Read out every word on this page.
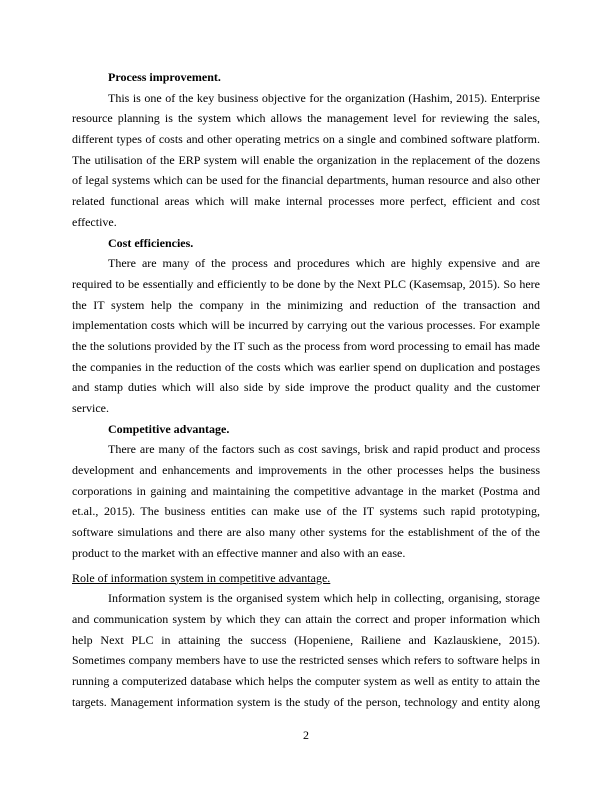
Process improvement.
This is one of the key business objective for the organization (Hashim, 2015). Enterprise
resource planning is the system which allows the management level for reviewing the sales,
different types of costs and other operating metrics on a single and combined software platform.
The utilisation of the ERP system will enable the organization in the replacement of the dozens
of legal systems which can be used for the financial departments, human resource and also other
related functional areas which will make internal processes more perfect, efficient and cost
effective.
Cost efficiencies.
There are many of the process and procedures which are highly expensive and are
required to be essentially and efficiently to be done by the Next PLC (Kasemsap, 2015). So here
the IT system help the company in the minimizing and reduction of the transaction and
implementation costs which will be incurred by carrying out the various processes. For example
the the solutions provided by the IT such as the process from word processing to email has made
the companies in the reduction of the costs which was earlier spend on duplication and postages
and stamp duties which will also side by side improve the product quality and the customer
service.
Competitive advantage.
There are many of the factors such as cost savings, brisk and rapid product and process
development and enhancements and improvements in the other processes helps the business
corporations in gaining and maintaining the competitive advantage in the market (Postma and
et.al., 2015). The business entities can make use of the IT systems such rapid prototyping,
software simulations and there are also many other systems for the establishment of the of the
product to the market with an effective manner and also with an ease.
Role of information system in competitive advantage.
Information system is the organised system which help in collecting, organising, storage
and communication system by which they can attain the correct and proper information which
help Next PLC in attaining the success (Hopeniene, Railiene and Kazlauskiene, 2015).
Sometimes company members have to use the restricted senses which refers to software helps in
running a computerized database which helps the computer system as well as entity to attain the
targets. Management information system is the study of the person, technology and entity along
2
